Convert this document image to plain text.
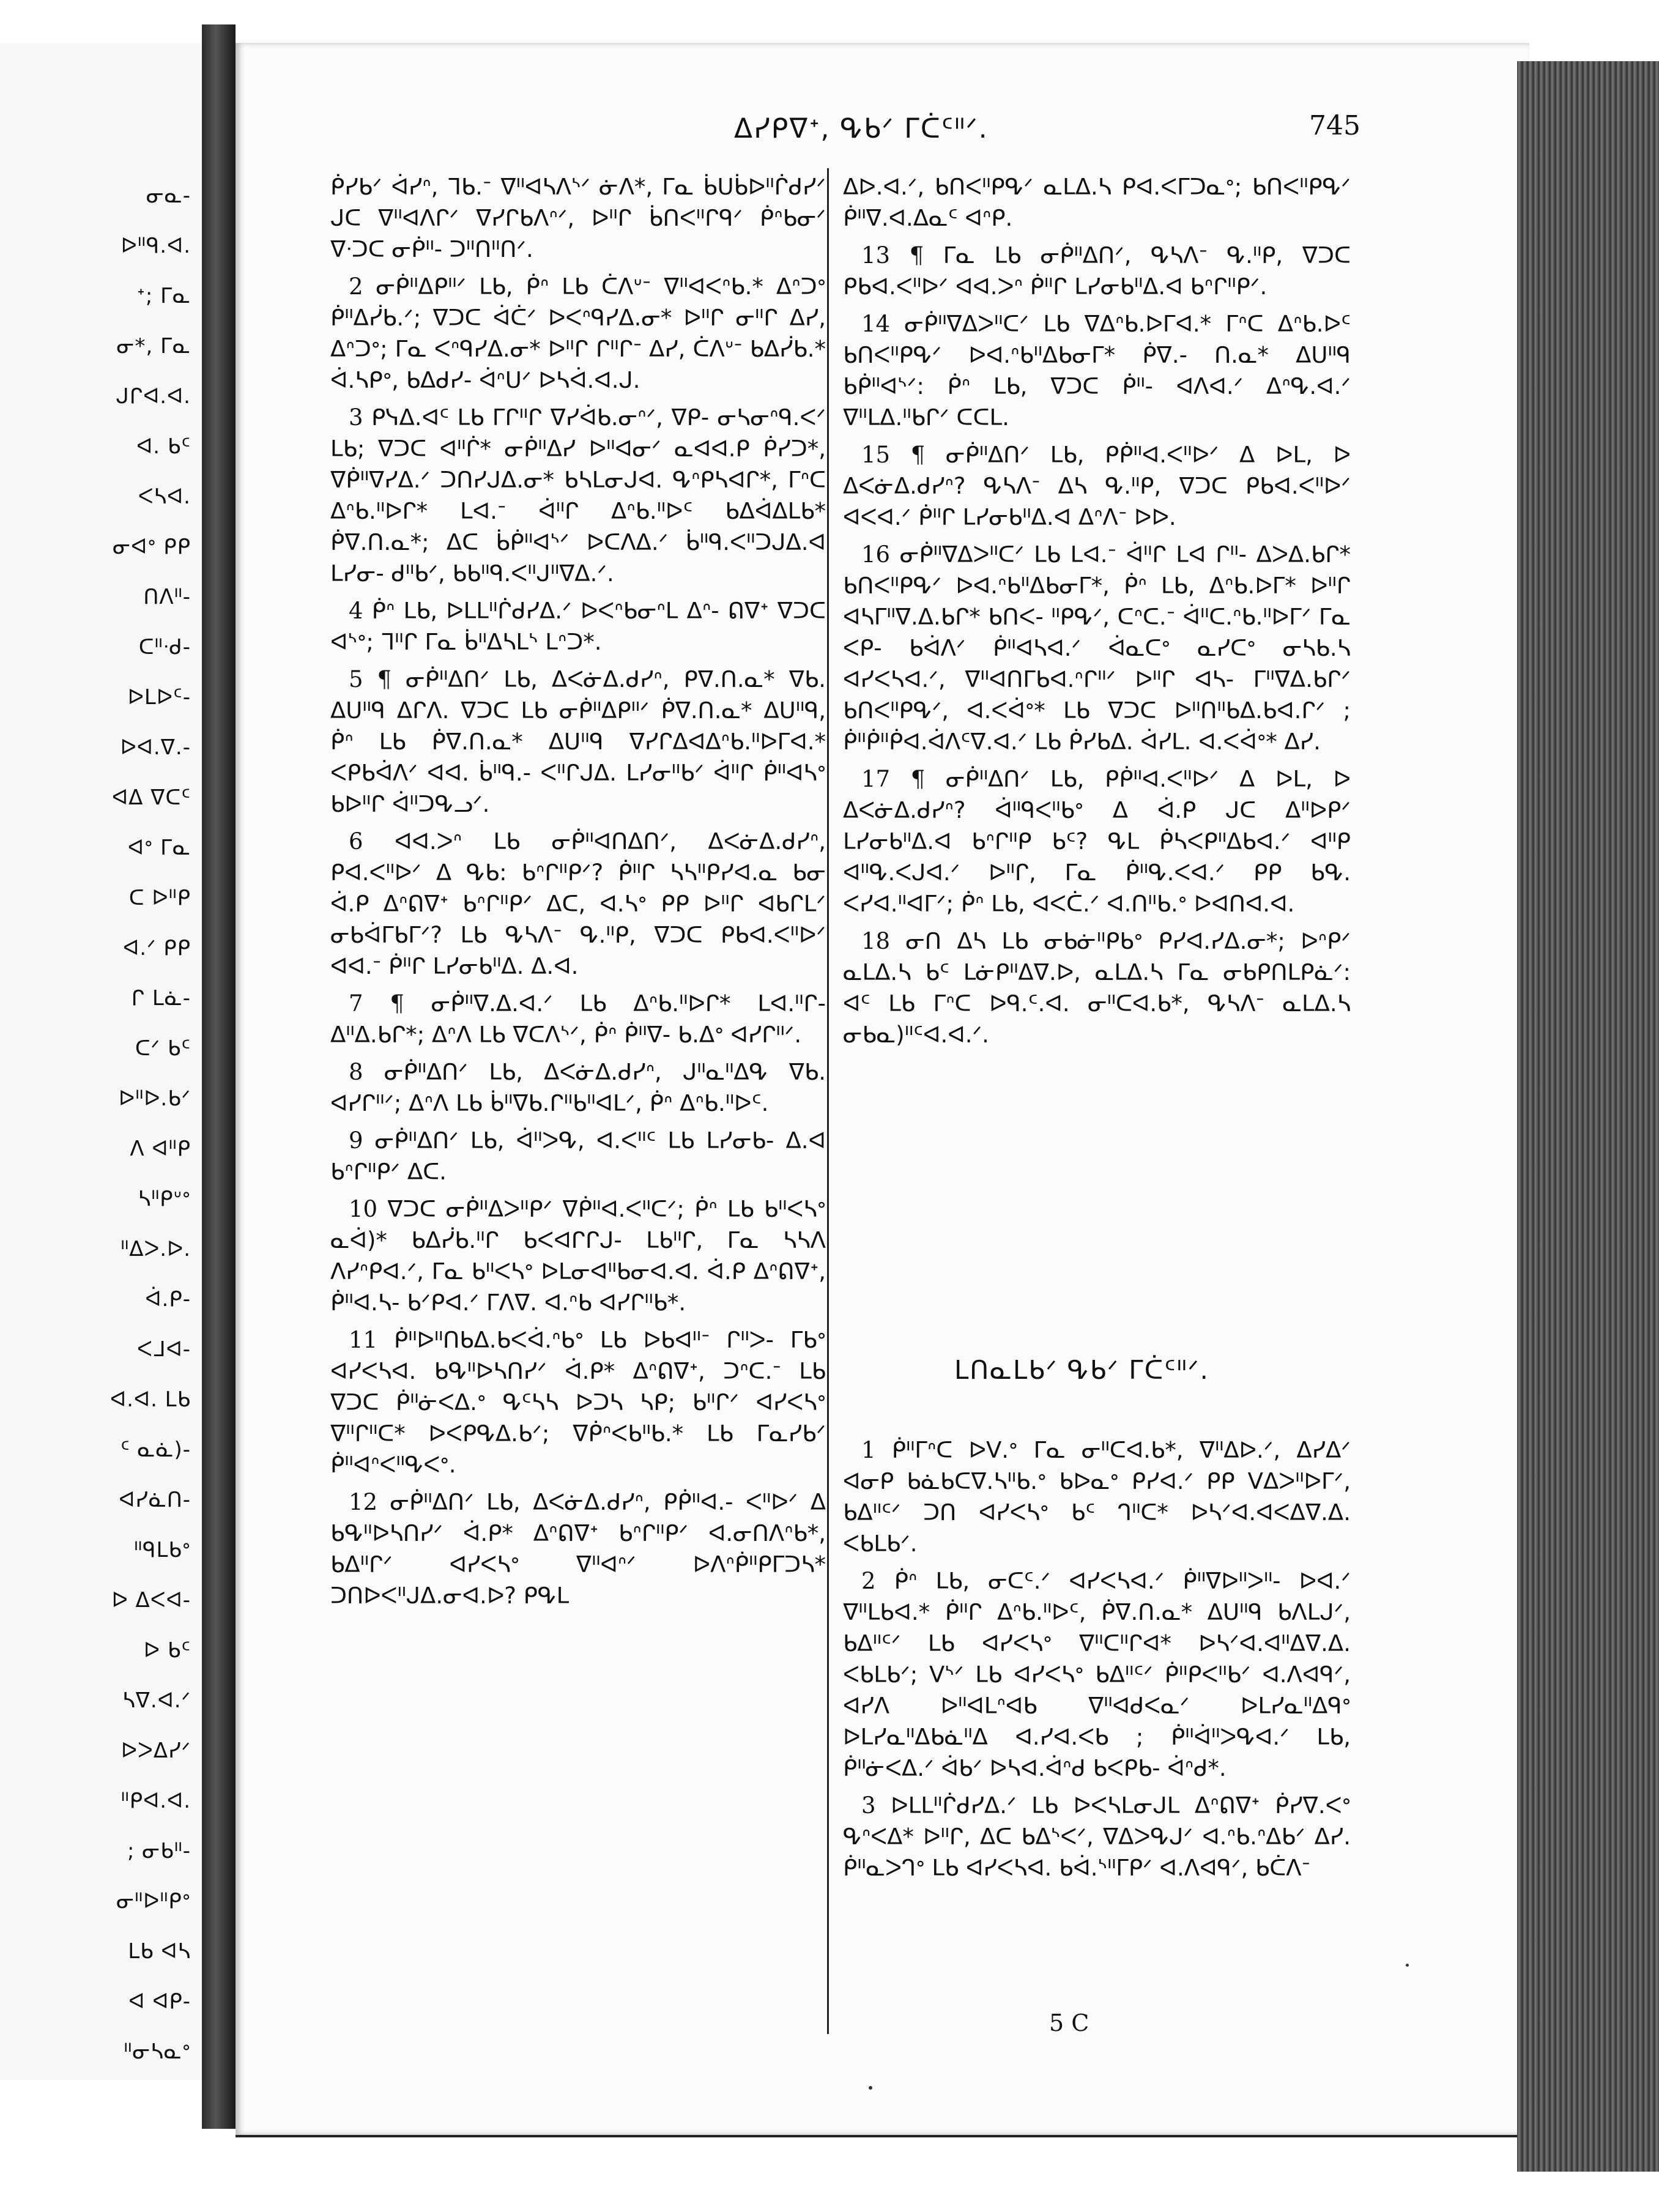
ᓂᓇ-
ᐅᐦᑫ.ᐊ.
ᕀ; ᒥᓇ
ᓂ*, ᒥᓇ
ᒍᒋᐊ.ᐊ.
ᐊ. ᑲᑦ
ᐸᓴᐊ.
ᓂᐊᐤ ᑭᑭ
ᑎᐱᐦ-
ᑕᐦᐧᑯ-
ᐅᒪᐅᑦ-
ᐅᐊ.ᐁ.-
ᐊᐃ ᐁᑕᑦ
ᐊᐤ ᒥᓇ
ᑕ ᐅᐦᑭ
ᐊ.ᐟ ᑭᑭ
ᒋ ᒪᓈ-
ᑕᐟ ᑲᑦ
ᐅᐦᐅ.ᑲᐟ
ᐱ ᐊᐦᑭ
ᓴᐦᑭᐡᐤ
ᐦᐃᐳ.ᐅ.
ᐋ.ᑭ-
ᐸᒧᐊ-
ᐊ.ᐊ. ᒪᑲ
ᑦ ᓇᓈ)-
ᐊᓯᓈᑎ-
ᐦᑫᒪᑲᐤ
ᐅ ᐃᐸᐊ-
ᐅ ᑲᑦ
ᓴᐁ.ᐊ.ᐟ
ᐅᐳᐃᓯᐟ
ᐦᑭᐊ.ᐊ.
; ᓂᑲᐦ-
ᓂᐦᐅᐦᑭᐤ
ᒪᑲ ᐊᓴ
ᐊ ᐊᑭ-
ᐦᓂᓴᓇᐤ
ᐃᓯᑭᐁᕀ, ᕴᑲᐟ ᒥᑖᑦᐦᐟ.	745

ᑮᓯᑲᐟ ᐋᓯᐢ, ᒣᑲ.ᐨ ᐁᐦᐊᓴᐱᔅᐟ ᓃᐱ*, ᒥᓇ ᑳᑌᑳᐅᐦᒌᑯᓯᐟ ᒍᑕ ᐁᐦᐊᐱᒋᐟ ᐁᓯᒋᑲᐱᐢᐟ, ᐅᐦᒋ ᑳᑎᐸᐦᒋᑫᐟ ᑮᐢᑲᓂᐟ ᐁᐧᑐᑕ ᓂᑮᐦ- ᑐᐦᑎᐦᑎᐟ.

2 ᓂᑮᐦᐃᑭᐦᐟ ᒪᑲ, ᑮᐢ ᒪᑲ ᑖᐱᐡᐨ ᐁᐦᐊᐸᐢᑲ.* ᐃᐢᑐᐤ ᑮᐦᐃᓰᑲ.ᐟ; ᐁᑐᑕ ᐋᑖᐟ ᐅᐸᐢᑫᓯᐃ.ᓂ* ᐅᐦᒋ ᓂᐦᒋ ᐃᓯ, ᐃᐢᑐᐤ; ᒥᓇ ᐸᐢᑫᓯᐃ.ᓂ* ᐅᐦᒋ ᒋᐦᒋᐨ ᐃᓯ, ᑖᐱᐡᐨ ᑲᐃᓰᑲ.* ᐋ.ᓴᑭᐤ, ᑲᐃᑯᓯ- ᐋᐢᑌᐟ ᐅᓴᐋ.ᐊ.ᒍ.

3 ᑭᓭᐃ.ᐊᑦ ᒪᑲ ᒥᒋᐦᒋ ᐁᓯᐋᑲ.ᓂᐢᐟ, ᐁᑭ- ᓂᓴᓂᐢᑫ.ᐸᐟ ᒪᑲ; ᐁᑐᑕ ᐊᐦᒌ* ᓂᑮᐦᐃᓯ ᐅᐦᐊᓂᐟ ᓇᐊᐊ.ᑭ ᑮᓯᑐ*, ᐁᑮᐦᐁᓯᐃ.ᐟ ᑐᑎᓯᒍᐃ.ᓂ* ᑲᓴᒪᓂᒍᐊ. ᕴᐢᑭᓴᐊᒋ*, ᒥᐢᑕ ᐃᐢᑲ.ᐦᐅᒋ* ᒪᐊ.ᐨ ᐋᐦᒋ ᐃᐢᑲ.ᐦᐅᑦ ᑲᐃᐋᐃᒪᑲ* ᑮᐁ.ᑎ.ᓇ*; ᐃᑕ ᑳᑮᐦᐊᔅᐟ ᐅᑕᐱᐃ.ᐟ ᑳᐦᑫ.ᐸᐦᑐᒍᐃ.ᐊ ᒪᓯᓂ- ᑯᐦᑲᐟ, ᑲᑲᐦᑫ.ᐸᐦᒍᐦᐁᐃ.ᐟ.

4 ᑮᐢ ᒪᑲ, ᐅᒪᒪᐦᒌᑯᓯᐃ.ᐟ ᐅᐸᐢᑲᓂᐢᒪ ᐃᐢ- ᕠᐁᕀ ᐁᑐᑕ ᐊᔅᐤ; ᒣᐦᒋ ᒥᓇ ᑳᐦᐃᓴᒪᔅ ᒪᐢᑐ*.

5 ¶ ᓂᑮᐦᐃᑎᐟ ᒪᑲ, ᐃᐸᓃᐃ.ᑯᓯᐢ, ᑭᐁ.ᑎ.ᓇ* ᐁᑲ. ᐃᑌᐦᑫ ᐃᒋᐱ. ᐁᑐᑕ ᒪᑲ ᓂᑮᐦᐃᑭᐦᐟ ᑮᐁ.ᑎ.ᓇ* ᐃᑌᐦᑫ, ᑮᐢ ᒪᑲ ᑮᐁ.ᑎ.ᓇ* ᐃᑌᐦᑫ ᐁᓯᒋᐃᐊᐃᐢᑲ.ᐦᐅᒥᐊ.* ᐸᑭᑲᐋᐱᐟ ᐊᐊ. ᑳᐦᑫ.- ᐸᐦᒋᒍᐃ. ᒪᓯᓂᐦᑲᐟ ᐋᐦᒋ ᑮᐦᐊᓴᐤ ᑲᐅᐦᒋ ᐋᐦᑐᕴᓗᐟ.

6 ᐊᐊ.ᐳᐢ ᒪᑲ ᓂᑮᐦᐊᑎᐃᑎᐟ, ᐃᐸᓃᐃ.ᑯᓯᐢ, ᑭᐊ.ᐸᐦᐅᐟ ᐃ ᕴᑲ: ᑲᐢᒋᐦᑭᐟ? ᑮᐦᒋ ᓴᓴᐦᑭᓯᐊ.ᓇ ᑲᓂ ᐋ.ᑭ ᐃᐢᕠᐁᕀ ᑲᐢᒋᐦᑭᐟ ᐃᑕ, ᐊ.ᓴᐤ ᑭᑭ ᐅᐦᒋ ᐊᑲᒋᒪᐟ ᓂᑲᐋᒥᑲᒥᐟ? ᒪᑲ ᕴᓴᐱᐨ ᕴ.ᐦᑭ, ᐁᑐᑕ ᑭᑲᐊ.ᐸᐦᐅᐟ ᐊᐊ.ᐨ ᑮᐦᒋ ᒪᓯᓂᑲᐦᐃ. ᐃ.ᐊ.

7 ¶ ᓂᑮᐦᐁ.ᐃ.ᐊ.ᐟ ᒪᑲ ᐃᐢᑲ.ᐦᐅᒋ* ᒪᐊ.ᐦᒋ- ᐃᐦᐃ.ᑲᒋ*; ᐃᐢᐱ ᒪᑲ ᐁᑕᐱᔅᐟ, ᑮᐢ ᑮᐦᐁ- ᑲ.ᐃᐤ ᐊᓯᒋᐦᐟ.

8 ᓂᑮᐦᐃᑎᐟ ᒪᑲ, ᐃᐸᓃᐃ.ᑯᓯᐢ, ᒍᐦᓇᐦᐃᕴ ᐁᑲ. ᐊᓯᒋᐦᐟ; ᐃᐢᐱ ᒪᑲ ᑳᐦᐁᑲ.ᒋᐦᑲᐦᐊᒪᐟ, ᑮᐢ ᐃᐢᑲ.ᐦᐅᑦ.

9 ᓂᑮᐦᐃᑎᐟ ᒪᑲ, ᐋᐦᐳᕴ, ᐊ.ᐸᐦᑦ ᒪᑲ ᒪᓯᓂᑲ- ᐃ.ᐊ ᑲᐢᒋᐦᑭᐟ ᐃᑕ.

10 ᐁᑐᑕ ᓂᑮᐦᐃᐳᐦᑭᐟ ᐁᑮᐦᐊ.ᐸᐦᑕᐟ; ᑮᐢ ᒪᑲ ᑲᐦᐸᓴᐤ ᓇᐋ)* ᑲᐃᓰᑲ.ᐦᒋ ᑲᐸᐊᒋᒋᒍ- ᒪᑲᐦᒋ, ᒥᓇ ᓴᓴᐱ ᐱᓯᐢᑭᐊ.ᐟ, ᒥᓇ ᑲᐦᐸᓴᐤ ᐅᒪᓂᐊᐦᑲᓂᐊ.ᐊ. ᐋ.ᑭ ᐃᐢᕠᐁᕀ, ᑮᐦᐊ.ᓴ- ᑲᐟᑭᐊ.ᐟ ᒥᐱᐁ. ᐊ.ᐢᑲ ᐊᓯᒋᐦᑲ*.

11 ᑮᐦᐅᐦᑎᑲᐃ.ᑲᐸᐋ.ᐢᑲᐤ ᒪᑲ ᐅᑲᐊᐦᐨ ᒋᐦᐳ- ᒥᑲᐤ ᐊᓯᐸᓴᐊ. ᑲᕴᐦᐅᓴᑎᓯᐟ ᐋ.ᑭ* ᐃᐢᕠᐁᕀ, ᑐᐢᑕ.ᐨ ᒪᑲ ᐁᑐᑕ ᑮᐦᓃᐸᐃ.ᐤ ᕴᑦᓴᓴ ᐅᑐᓴ ᓴᑭ; ᑲᐦᒋᐟ ᐊᓯᐸᓴᐤ ᐁᐦᒋᐦᑕ* ᐅᐸᑭᕴᐃ.ᑲᐟ; ᐁᑮᐢᐸᑲᐦᑲ.* ᒪᑲ ᒥᓇᓯᑲᐟ ᑮᐦᐊᐢᐸᐦᕴᐸᐤ.

12 ᓂᑮᐦᐃᑎᐟ ᒪᑲ, ᐃᐸᓃᐃ.ᑯᓯᐢ, ᑭᑮᐦᐊ.- ᐸᐦᐅᐟ ᐃ ᑲᕴᐦᐅᓴᑎᓯᐟ ᐋ.ᑭ* ᐃᐢᕠᐁᕀ ᑲᐢᒋᐦᑭᐟ ᐊ.ᓂᑎᐱᐢᑲ*, ᑲᐃᐦᒋᐟ ᐊᓯᐸᓴᐤ ᐁᐦᐊᐢᐟ ᐅᐱᐢᑮᐦᑭᒥᑐᓴ* ᑐᑎᐅᐸᐦᒍᐃ.ᓂᐊ.ᐅ? ᑭᕴᒪ

ᐃᐅ.ᐊ.ᐟ, ᑲᑎᐸᐦᑭᕴᐟ ᓇᒪᐃ.ᓴ ᑭᐊ.ᐸᒥᑐᓇᐤ; ᑲᑎᐸᐦᑭᕴᐟ ᑮᐦᐁ.ᐊ.ᐃᓇᑦ ᐊᐢᑭ.

13 ¶ ᒥᓇ ᒪᑲ ᓂᑮᐦᐃᑎᐟ, ᕴᓴᐱᐨ ᕴ.ᐦᑭ, ᐁᑐᑕ ᑭᑲᐊ.ᐸᐦᐅᐟ ᐊᐊ.ᐳᐢ ᑮᐦᒋ ᒪᓯᓂᑲᐦᐃ.ᐊ ᑲᐢᒋᐦᑭᐟ.

14 ᓂᑮᐦᐁᐃᐳᐦᑕᐟ ᒪᑲ ᐁᐃᐢᑲ.ᐅᒥᐊ.* ᒥᐢᑕ ᐃᐢᑲ.ᐅᑦ ᑲᑎᐸᐦᑭᕴᐟ ᐅᐊ.ᐢᑲᐦᐃᑲᓂᒥ* ᑮᐁ.- ᑎ.ᓇ* ᐃᑌᐦᑫ ᑲᑮᐦᐊᔅᐟ: ᑮᐢ ᒪᑲ, ᐁᑐᑕ ᑮᐦ- ᐊᐱᐊ.ᐟ ᐃᐢᕴ.ᐊ.ᐟ ᐁᐦᒪᐃ.ᐦᑲᒋᐟ ᑕᑕᒪ.

15 ¶ ᓂᑮᐦᐃᑎᐟ ᒪᑲ, ᑭᑮᐦᐊ.ᐸᐦᐅᐟ ᐃ ᐅᒪ, ᐅ ᐃᐸᓃᐃ.ᑯᓯᐢ? ᕴᓴᐱᐨ ᐃᓴ ᕴ.ᐦᑭ, ᐁᑐᑕ ᑭᑲᐊ.ᐸᐦᐅᐟ ᐊᐸᐊ.ᐟ ᑮᐦᒋ ᒪᓯᓂᑲᐦᐃ.ᐊ ᐃᐢᐱᐨ ᐅᐅ.

16 ᓂᑮᐦᐁᐃᐳᐦᑕᐟ ᒪᑲ ᒪᐊ.ᐨ ᐋᐦᒋ ᒪᐊ ᒋᐦ- ᐃᐳᐃ.ᑲᒋ* ᑲᑎᐸᐦᑭᕴᐟ ᐅᐊ.ᐢᑲᐦᐃᑲᓂᒥ*, ᑮᐢ ᒪᑲ, ᐃᐢᑲ.ᐅᒥ* ᐅᐦᒋ ᐊᓴᒥᐦᐁ.ᐃ.ᑲᒋ* ᑲᑎᐸ- ᐦᑭᕴᐟ, ᑕᐢᑕ.ᐨ ᐋᐦᑕ.ᐢᑲ.ᐦᐅᒥᐟ ᒥᓇ ᐸᑭ- ᑲᐋᐱᐟ ᑮᐦᐊᓴᐊ.ᐟ ᐋᓇᑕᐤ ᓇᓯᑕᐤ ᓂᓴᑲ.ᓴ ᐊᓯᐸᓴᐊ.ᐟ, ᐁᐦᐊᑎᒥᑲᐊ.ᐢᒋᐦᐟ ᐅᐦᒋ ᐊᓴ- ᒥᐦᐁᐃ.ᑲᒋᐟ ᑲᑎᐸᐦᑭᕴᐟ, ᐊ.ᐸᐋᐤ* ᒪᑲ ᐁᑐᑕ ᐅᐦᑎᐦᑲᐃ.ᑲᐊ.ᒋᐟ ; ᑮᐦᑮᐦᑮᐊ.ᐋᐱᑦᐁ.ᐊ.ᐟ ᒪᑲ ᑮᓯᑲᐃ. ᐋᓯᒪ. ᐊ.ᐸᐋᐤ* ᐃᓯ.

17 ¶ ᓂᑮᐦᐃᑎᐟ ᒪᑲ, ᑭᑮᐦᐊ.ᐸᐦᐅᐟ ᐃ ᐅᒪ, ᐅ ᐃᐸᓃᐃ.ᑯᓯᐢ? ᐋᐦᑫᐸᐦᑲᐤ ᐃ ᐋ.ᑭ ᒍᑕ ᐃᐦᐅᑭᐟ ᒪᓯᓂᑲᐦᐃ.ᐊ ᑲᐢᒋᐦᑭ ᑲᑦ? ᕴᒪ ᑮᓴᐸᑭᐦᐃᑲᐊ.ᐟ ᐊᐦᑭ ᐊᐦᕴ.ᐸᒍᐊ.ᐟ ᐅᐦᒋ, ᒥᓇ ᑮᐦᕴ.ᐸᐊ.ᐟ ᑭᑭ ᑲᕴ. ᐸᓯᐊ.ᐦᐊᒥᐟ; ᑮᐢ ᒪᑲ, ᐊᐸᑖ.ᐟ ᐊ.ᑎᐦᑲ.ᐤ ᐅᐊᑎᐊ.ᐊ.

18 ᓂᑎ ᐃᓴ ᒪᑲ ᓂᑲᓃᐦᑭᑲᐤ ᑭᓯᐊ.ᓯᐃ.ᓂ*; ᐅᐢᑭᐟ ᓇᒪᐃ.ᓴ ᑲᑦ ᒪᓃᑭᐦᐃᐁ.ᐅ, ᓇᒪᐃ.ᓴ ᒥᓇ ᓂᑲᑭᑎᒪᑭᓈᐟ: ᐊᑦ ᒪᑲ ᒥᐢᑕ ᐅᑫ.ᑦ.ᐊ. ᓂᐦᑕᐊ.ᑲ*, ᕴᓴᐱᐨ ᓇᒪᐃ.ᓴ ᓂᑲᓇ)ᐦᑦᐊ.ᐊ.ᐟ.

ᒪᑎᓇᒪᑲᐟ ᕴᑲᐟ ᒥᑖᑦᐦᐟ.

1 ᑮᐦᒥᐢᑕ ᐅᐯ.ᐤ ᒥᓇ ᓂᐦᑕᐊ.ᑲ*, ᐁᐦᐃᐅ.ᐟ, ᐃᓯᐃᐟ ᐊᓂᑭ ᑲᓈᑲᑕᐁ.ᓴᐦᑲ.ᐤ ᑲᐅᓇᐤ ᑭᓯᐊ.ᐟ ᑭᑭ ᐯᐃᐳᐦᐅᒥᐟ, ᑲᐃᐦᑦᐟ ᑐᑎ ᐊᓯᐸᓴᐤ ᑲᑦ ᒉᐦᑕ* ᐅᓴᐟᐊ.ᐊᐸᐃᐁ.ᐃ. ᐸᑲᒪᑲᐟ.

2 ᑮᐢ ᒪᑲ, ᓂᑕᑦ.ᐟ ᐊᓯᐸᓴᐊ.ᐟ ᑮᐦᐁᐅᐦᐳᐦ- ᐅᐊ.ᐟ ᐁᐦᒪᑲᐊ.* ᑮᐦᒋ ᐃᐢᑲ.ᐦᐅᑦ, ᑮᐁ.ᑎ.ᓇ* ᐃᑌᐦᑫ ᑲᐱᒪᒍᐟ, ᑲᐃᐦᑦᐟ ᒪᑲ ᐊᓯᐸᓴᐤ ᐁᐦᑕᐦᒋᐊ* ᐅᓴᐟᐊ.ᐊᐦᐃᐁ.ᐃ. ᐸᑲᒪᑲᐟ; ᐯᔅᐟ ᒪᑲ ᐊᓯᐸᓴᐤ ᑲᐃᐦᑦᐟ ᑮᐦᑭᐸᐦᑲᐟ ᐊ.ᐱᐊᑫᐟ, ᐊᓯᐱ ᐅᐦᐊᒪᐢᐊᑲ ᐁᐦᐊᑯᐸᓇᐟ ᐅᒪᓯᓇᐦᐃᑫᐤ ᐅᒪᓯᓇᐦᐃᑲᓈᐦᐃ ᐊ.ᓯᐊ.ᐸᑲ ; ᑮᐦᐋᐦᐳᕴᐊ.ᐟ ᒪᑲ, ᑮᐦᓃᐸᐃ.ᐟ ᐋᑲᐟ ᐅᓴᐊ.ᐋᐢᑯ ᑲᐸᑭᑲ- ᐋᐢᑯ*.

3 ᐅᒪᒪᐦᒌᑯᓯᐃ.ᐟ ᒪᑲ ᐅᐸᓴᒪᓂᒍᒪ ᐃᐢᕠᐁᕀ ᑮᓯᐁ.ᐸᐤ ᕴᐢᐸᐃ* ᐅᐦᒋ, ᐃᑕ ᑲᐃᔅᐸᐟ, ᐁᐃᐳᕴᒍᐟ ᐊ.ᐢᑲ.ᐢᐃᑲᐟ ᐃᓯ. ᑮᐦᓇᐳᒉᐤ ᒪᑲ ᐊᓯᐸᓴᐊ. ᑲᐋ.ᔅᐦᒥᑭᐟ ᐊ.ᐱᐊᑫᐟ, ᑲᑖᐱᐨ

5 C
